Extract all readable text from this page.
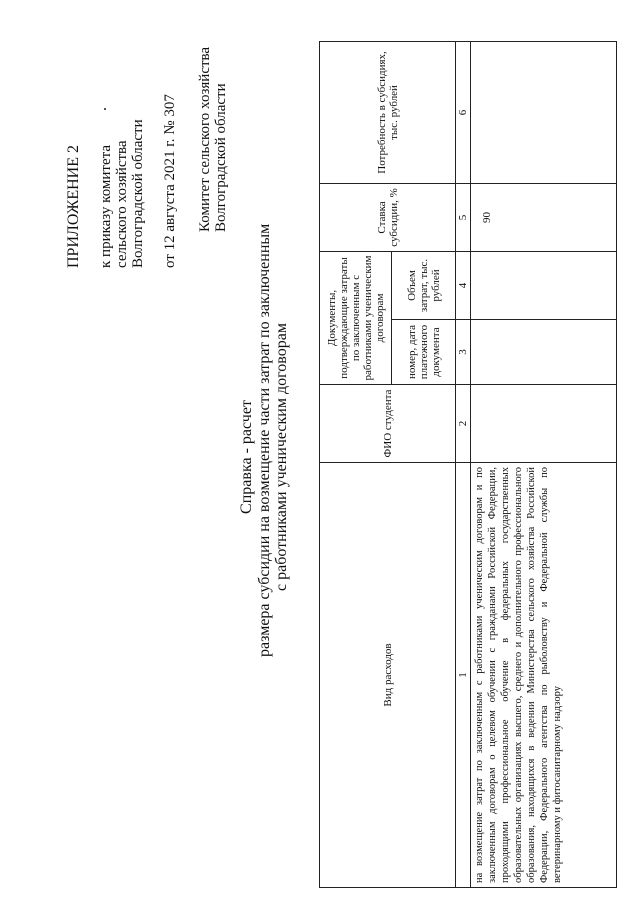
ПРИЛОЖЕНИЕ 2 к приказу комитета сельского хозяйства Волгоградской области от 12 августа 2021 г. № 307 Комитет сельского хозяйства Волгоградской области
Справка - расчет размера субсидии на возмещение части затрат по заключенным с работниками ученическим договорам
Вид расходов	ФИО студента	Документы, подтверждающие затраты по заключенным с работниками ученическим договорам		Ставка субсидии, %	Потребность в субсидиях, тыс. рублей
		номер, дата платежного документа	Объем затрат, тыс. рублей		
1	2	3	4	5	6
на возмещение затрат по заключенным с работниками ученическим договорам и по заключенным договорам о целевом обучении с гражданами Российской Федерации, проходящими профессиональное обучение в федеральных государственных образовательных организациях высшего, среднего и дополнительного профессионального образования, находящихся в ведении Министерства сельского хозяйства Российской Федерации, Федерального агентства по рыболовству и Федеральной службы по ветеринарному и фитосанитарному надзору				90	
